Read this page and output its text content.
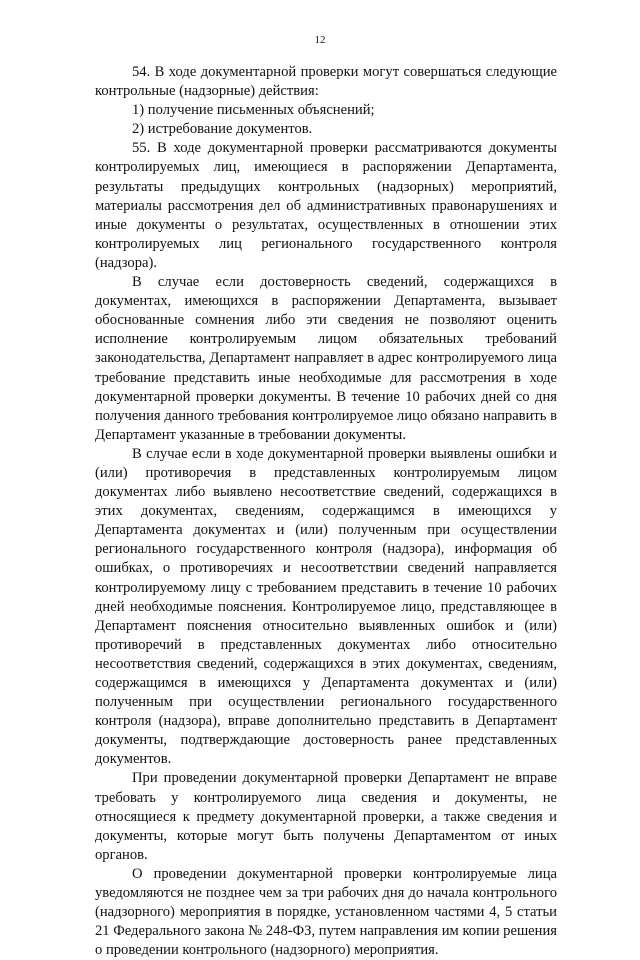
12

54. В ходе документарной проверки могут совершаться следующие контрольные (надзорные) действия:

1) получение письменных объяснений;

2) истребование документов.

55. В ходе документарной проверки рассматриваются документы контролируемых лиц, имеющиеся в распоряжении Департамента, результаты предыдущих контрольных (надзорных) мероприятий, материалы рассмотрения дел об административных правонарушениях и иные документы о результатах, осуществленных в отношении этих контролируемых лиц регионального государственного контроля (надзора).

В случае если достоверность сведений, содержащихся в документах, имеющихся в распоряжении Департамента, вызывает обоснованные сомнения либо эти сведения не позволяют оценить исполнение контролируемым лицом обязательных требований законодательства, Департамент направляет в адрес контролируемого лица требование представить иные необходимые для рассмотрения в ходе документарной проверки документы. В течение 10 рабочих дней со дня получения данного требования контролируемое лицо обязано направить в Департамент указанные в требовании документы.

В случае если в ходе документарной проверки выявлены ошибки и (или) противоречия в представленных контролируемым лицом документах либо выявлено несоответствие сведений, содержащихся в этих документах, сведениям, содержащимся в имеющихся у Департамента документах и (или) полученным при осуществлении регионального государственного контроля (надзора), информация об ошибках, о противоречиях и несоответствии сведений направляется контролируемому лицу с требованием представить в течение 10 рабочих дней необходимые пояснения. Контролируемое лицо, представляющее в Департамент пояснения относительно выявленных ошибок и (или) противоречий в представленных документах либо относительно несоответствия сведений, содержащихся в этих документах, сведениям, содержащимся в имеющихся у Департамента документах и (или) полученным при осуществлении регионального государственного контроля (надзора), вправе дополнительно представить в Департамент документы, подтверждающие достоверность ранее представленных документов.

При проведении документарной проверки Департамент не вправе требовать у контролируемого лица сведения и документы, не относящиеся к предмету документарной проверки, а также сведения и документы, которые могут быть получены Департаментом от иных органов.

О проведении документарной проверки контролируемые лица уведомляются не позднее чем за три рабочих дня до начала контрольного (надзорного) мероприятия в порядке, установленном частями 4, 5 статьи 21 Федерального закона № 248-ФЗ, путем направления им копии решения о проведении контрольного (надзорного) мероприятия.
